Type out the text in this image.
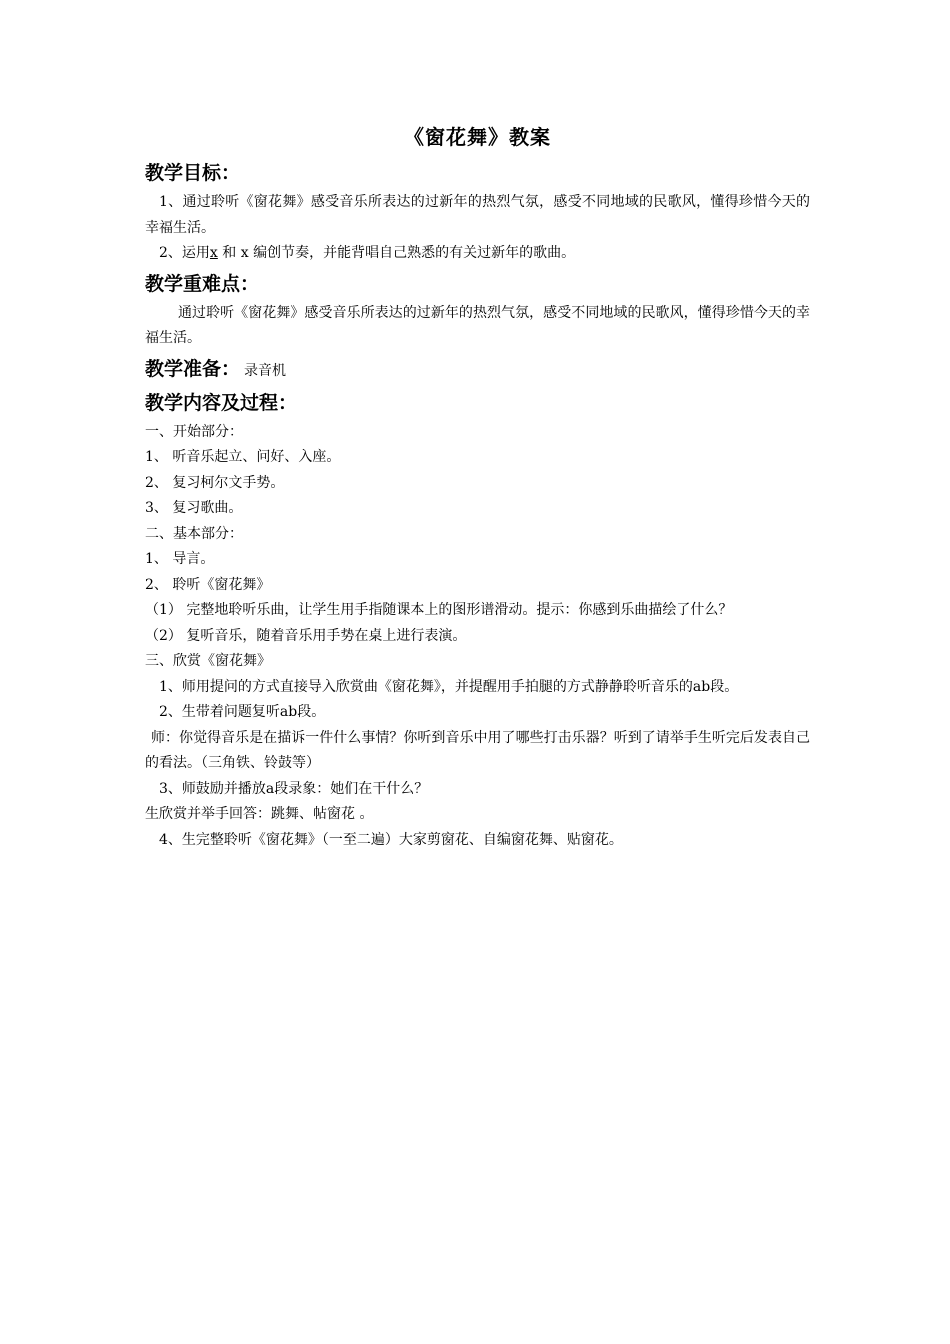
《窗花舞》教案
教学目标：

1、通过聆听《窗花舞》感受音乐所表达的过新年的热烈气氛，感受不同地域的民歌风，懂得珍惜今天的幸福生活。

2、运用x 和 x 编创节奏，并能背唱自己熟悉的有关过新年的歌曲。

教学重难点：

通过聆听《窗花舞》感受音乐所表达的过新年的热烈气氛，感受不同地域的民歌风，懂得珍惜今天的幸福生活。

教学准备： 录音机
教学内容及过程：

一、开始部分：

1、 听音乐起立、问好、入座。

2、 复习柯尔文手势。

3、 复习歌曲。

二、基本部分：

1、 导言。

2、 聆听《窗花舞》

（1） 完整地聆听乐曲，让学生用手指随课本上的图形谱滑动。提示：你感到乐曲描绘了什么？

（2） 复听音乐，随着音乐用手势在桌上进行表演。

三、欣赏《窗花舞》

1、师用提问的方式直接导入欣赏曲《窗花舞》，并提醒用手拍腿的方式静静聆听音乐的ab段。

2、生带着问题复听ab段。

师：你觉得音乐是在描诉一件什么事情？你听到音乐中用了哪些打击乐器？听到了请举手生听完后发表自己的看法。（三角铁、铃鼓等）

3、师鼓励并播放a段录象：她们在干什么？

生欣赏并举手回答：跳舞、帖窗花 。

4、生完整聆听《窗花舞》（一至二遍）大家剪窗花、自编窗花舞、贴窗花。
